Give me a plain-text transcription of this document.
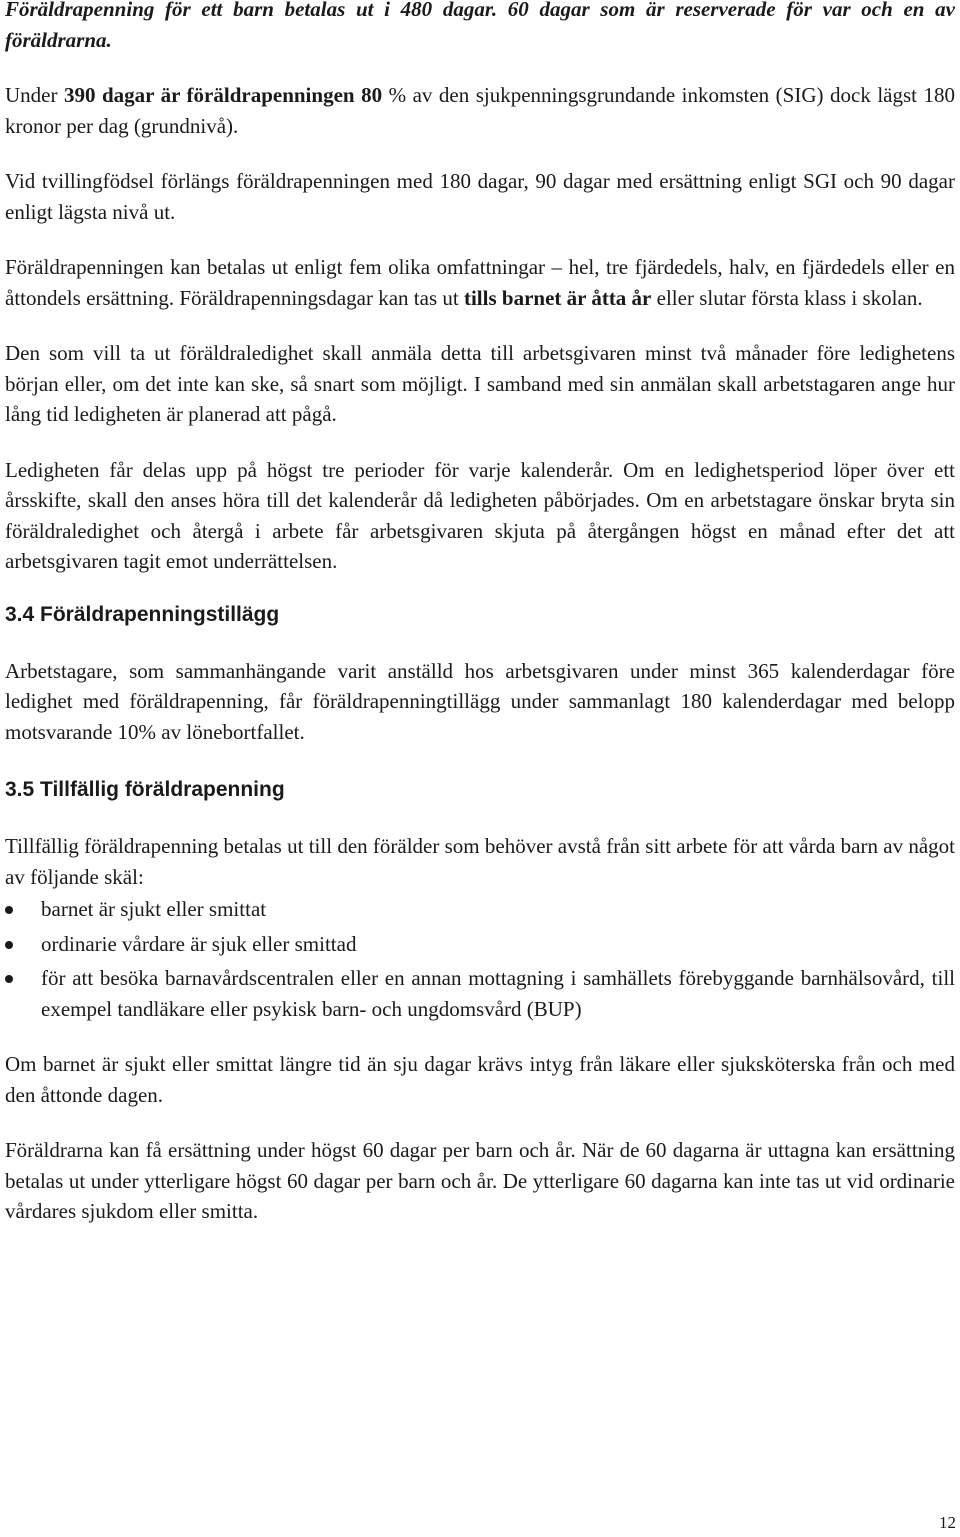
Föräldrapenning för ett barn betalas ut i 480 dagar. 60 dagar som är reserverade för var och en av föräldrarna.

Under 390 dagar är föräldrapenningen 80 % av den sjukpenningsgrundande inkomsten (SIG) dock lägst 180 kronor per dag (grundnivå).

Vid tvillingfödsel förlängs föräldrapenningen med 180 dagar, 90 dagar med ersättning enligt SGI och 90 dagar enligt lägsta nivå ut.

Föräldrapenningen kan betalas ut enligt fem olika omfattningar – hel, tre fjärdedels, halv, en fjärdedels eller en åttondels ersättning. Föräldrapenningsdagar kan tas ut tills barnet är åtta år eller slutar första klass i skolan.

Den som vill ta ut föräldraledighet skall anmäla detta till arbetsgivaren minst två månader före ledighetens början eller, om det inte kan ske, så snart som möjligt. I samband med sin anmälan skall arbetstagaren ange hur lång tid ledigheten är planerad att pågå.

Ledigheten får delas upp på högst tre perioder för varje kalenderår. Om en ledighetsperiod löper över ett årsskifte, skall den anses höra till det kalenderår då ledigheten påbörjades. Om en arbetstagare önskar bryta sin föräldraledighet och återgå i arbete får arbetsgivaren skjuta på återgången högst en månad efter det att arbetsgivaren tagit emot underrättelsen.

3.4 Föräldrapenningstillägg

Arbetstagare, som sammanhängande varit anställd hos arbetsgivaren under minst 365 kalenderdagar före ledighet med föräldrapenning, får föräldrapenningtillägg under sammanlagt 180 kalenderdagar med belopp motsvarande 10% av lönebortfallet.

3.5 Tillfällig föräldrapenning

Tillfällig föräldrapenning betalas ut till den förälder som behöver avstå från sitt arbete för att vårda barn av något av följande skäl:

barnet är sjukt eller smittat
ordinarie vårdare är sjuk eller smittad
för att besöka barnavårdscentralen eller en annan mottagning i samhällets förebyggande barnhälsovård, till exempel tandläkare eller psykisk barn- och ungdomsvård (BUP)

Om barnet är sjukt eller smittat längre tid än sju dagar krävs intyg från läkare eller sjuksköterska från och med den åttonde dagen.

Föräldrarna kan få ersättning under högst 60 dagar per barn och år. När de 60 dagarna är uttagna kan ersättning betalas ut under ytterligare högst 60 dagar per barn och år. De ytterligare 60 dagarna kan inte tas ut vid ordinarie vårdares sjukdom eller smitta.

12
